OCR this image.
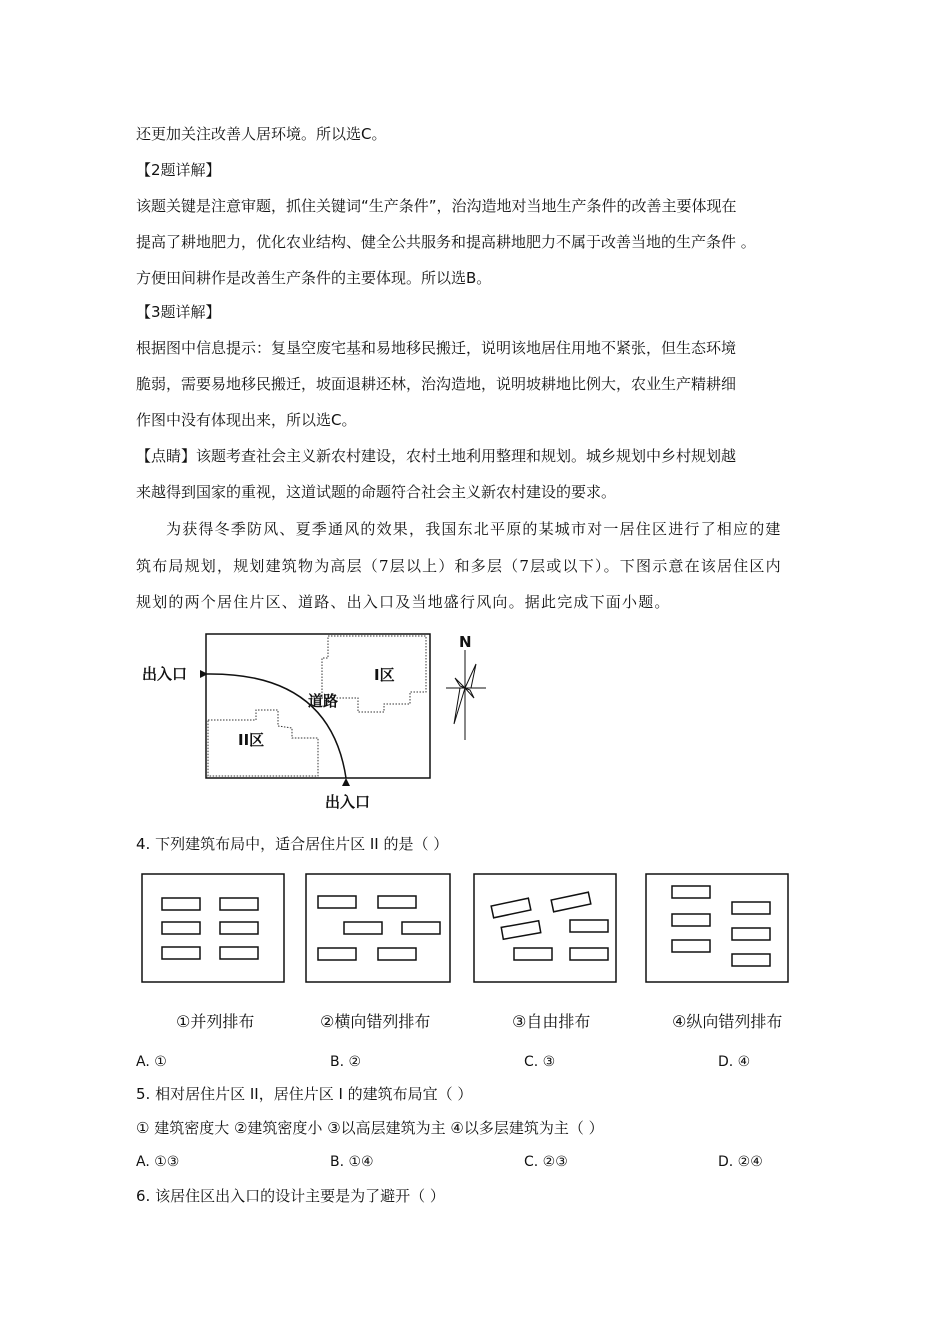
还更加关注改善人居环境。所以选C。
【2题详解】
该题关键是注意审题，抓住关键词“生产条件”，治沟造地对当地生产条件的改善主要体现在
提高了耕地肥力，优化农业结构、健全公共服务和提高耕地肥力不属于改善当地的生产条件 。
方便田间耕作是改善生产条件的主要体现。所以选B。
【3题详解】
根据图中信息提示：复垦空废宅基和易地移民搬迁，说明该地居住用地不紧张，但生态环境
脆弱，需要易地移民搬迁，坡面退耕还林，治沟造地，说明坡耕地比例大，农业生产精耕细
作图中没有体现出来，所以选C。
【点睛】该题考查社会主义新农村建设，农村土地利用整理和规划。城乡规划中乡村规划越
来越得到国家的重视，这道试题的命题符合社会主义新农村建设的要求。
为获得冬季防风、夏季通风的效果，我国东北平原的某城市对一居住区进行了相应的建
筑布局规划，规划建筑物为高层（7层以上）和多层（7层或以下）。下图示意在该居住区内
规划的两个居住片区、道路、出入口及当地盛行风向。据此完成下面小题。
出入口
出入口
I区
II区
道路
N
4. 下列建筑布局中，适合居住片区 II 的是（ ）
①并列排布	②横向错列排布	③自由排布	④纵向错列排布
A. ①	B. ②	C. ③	D. ④
5. 相对居住片区 II，居住片区 I 的建筑布局宜（ ）
① 建筑密度大 ②建筑密度小 ③以高层建筑为主 ④以多层建筑为主（ ）
A. ①③	B. ①④	C. ②③	D. ②④
6. 该居住区出入口的设计主要是为了避开（ ）
